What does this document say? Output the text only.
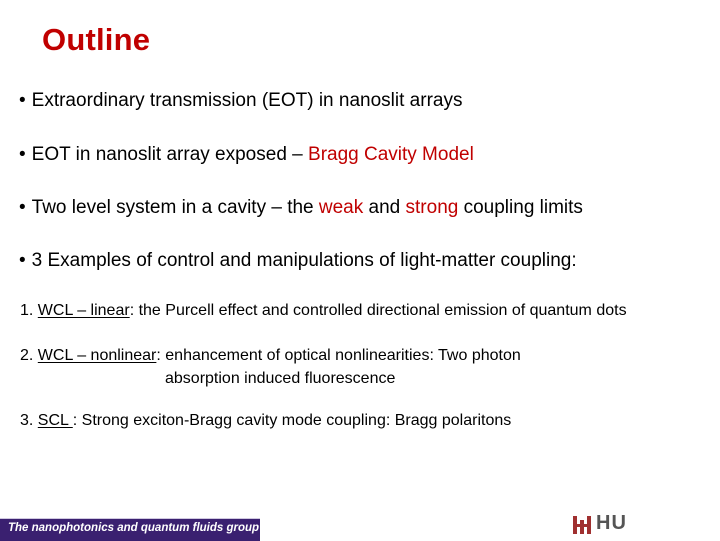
Outline
• Extraordinary transmission (EOT) in nanoslit arrays
• EOT in nanoslit array exposed – Bragg Cavity Model
• Two level system in a cavity – the weak and strong coupling limits
• 3 Examples of control and manipulations of light-matter coupling:
1. WCL – linear: the Purcell effect and controlled directional emission of quantum dots
2. WCL – nonlinear: enhancement of optical nonlinearities: Two photon
absorption induced fluorescence
3. SCL : Strong exciton-Bragg cavity mode coupling: Bragg polaritons
The nanophotonics and quantum fluids group	HU
